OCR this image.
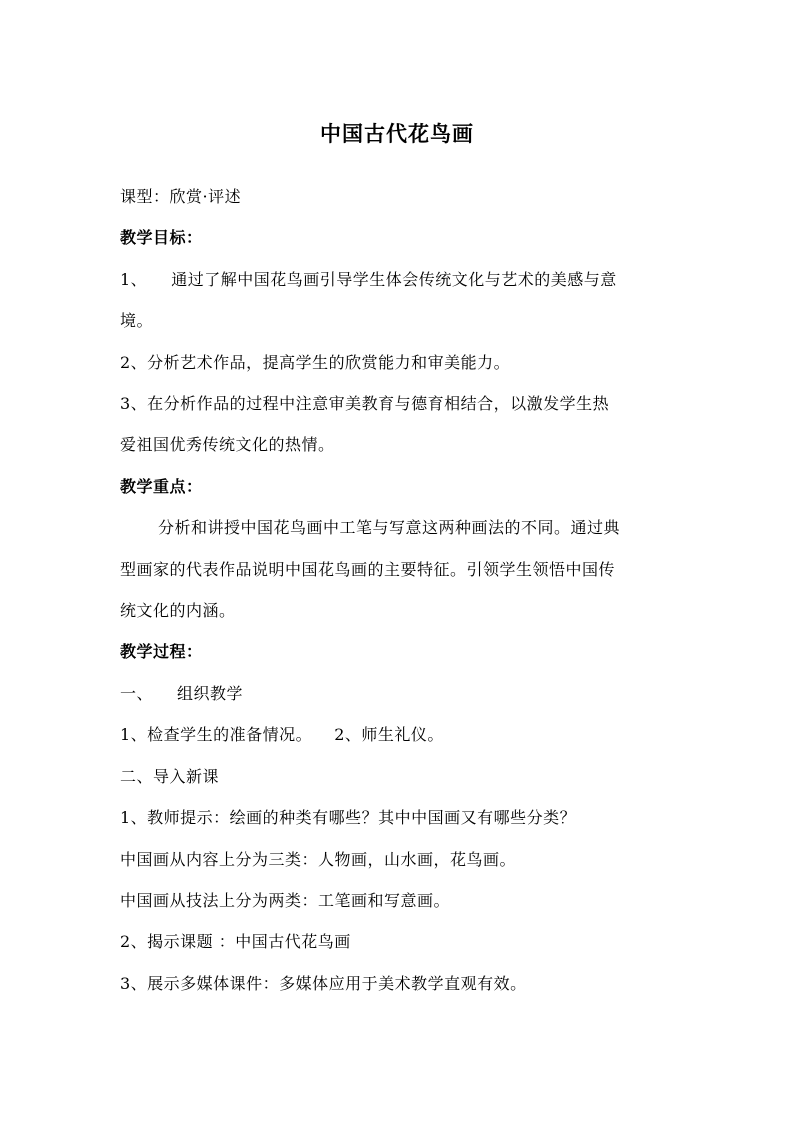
中国古代花鸟画
课型：欣赏·评述
教学目标：
1、 通过了解中国花鸟画引导学生体会传统文化与艺术的美感与意
境。
2、分析艺术作品，提高学生的欣赏能力和审美能力。
3、在分析作品的过程中注意审美教育与德育相结合，以激发学生热
爱祖国优秀传统文化的热情。
教学重点：
分析和讲授中国花鸟画中工笔与写意这两种画法的不同。通过典
型画家的代表作品说明中国花鸟画的主要特征。引领学生领悟中国传
统文化的内涵。
教学过程：
一、 组织教学
1、检查学生的准备情况。 2、师生礼仪。
二、导入新课
1、教师提示：绘画的种类有哪些？其中中国画又有哪些分类？
中国画从内容上分为三类：人物画，山水画，花鸟画。
中国画从技法上分为两类：工笔画和写意画。
2、揭示课题 ：中国古代花鸟画
3、展示多媒体课件：多媒体应用于美术教学直观有效。
